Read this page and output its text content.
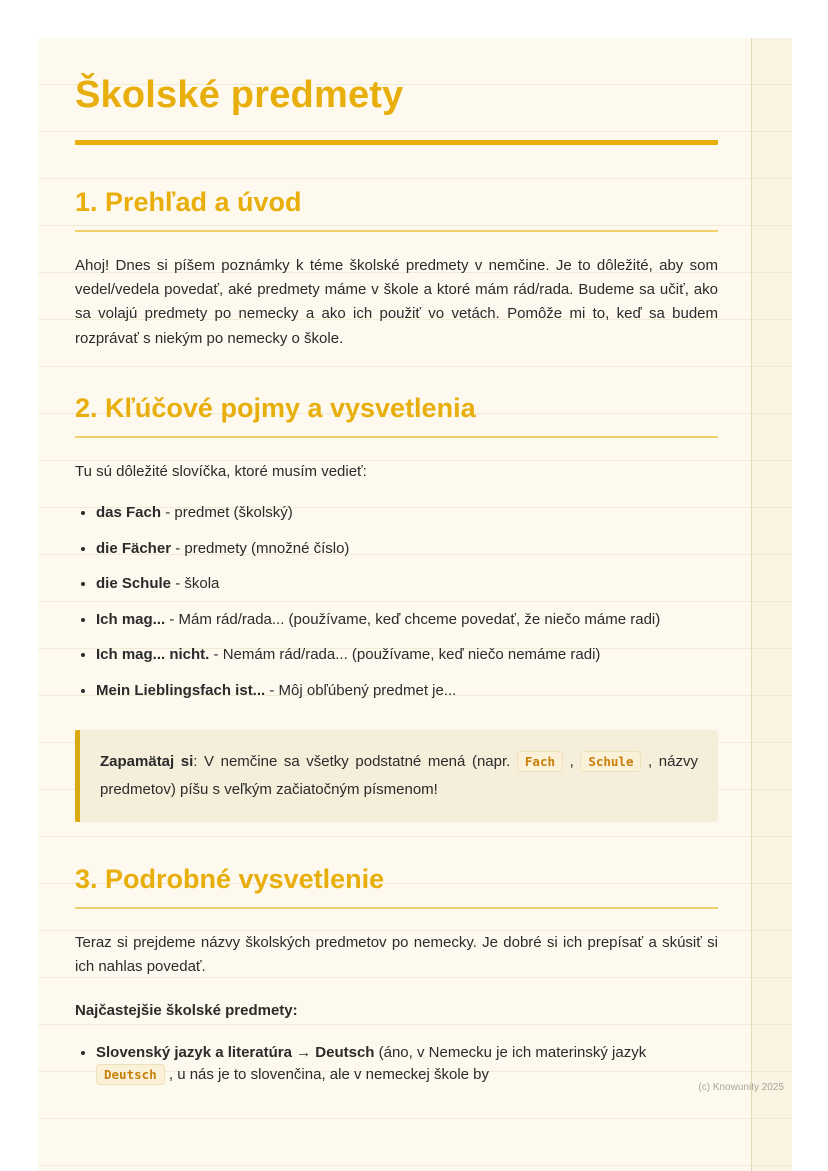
Školské predmety
1. Prehľad a úvod

Ahoj! Dnes si píšem poznámky k téme školské predmety v nemčine. Je to dôležité, aby som vedel/vedela povedať, aké predmety máme v škole a ktoré mám rád/rada. Budeme sa učiť, ako sa volajú predmety po nemecky a ako ich použiť vo vetách. Pomôže mi to, keď sa budem rozprávať s niekým po nemecky o škole.

2. Kľúčové pojmy a vysvetlenia

Tu sú dôležité slovíčka, ktoré musím vedieť:

• das Fach - predmet (školský)
• die Fächer - predmety (množné číslo)
• die Schule - škola
• Ich mag... - Mám rád/rada... (používame, keď chceme povedať, že niečo máme radi)
• Ich mag... nicht. - Nemám rád/rada... (používame, keď niečo nemáme radi)
• Mein Lieblingsfach ist... - Môj obľúbený predmet je...

Zapamätaj si: V nemčine sa všetky podstatné mená (napr. Fach , Schule , názvy predmetov) píšu s veľkým začiatočným písmenom!

3. Podrobné vysvetlenie

Teraz si prejdeme názvy školských predmetov po nemecky. Je dobré si ich prepísať a skúsiť si ich nahlas povedať.

Najčastejšie školské predmety:

• Slovenský jazyk a literatúra → Deutsch (áno, v Nemecku je ich materinský jazyk Deutsch , u nás je to slovenčina, ale v nemeckej škole by
(c) Knowunity 2025
